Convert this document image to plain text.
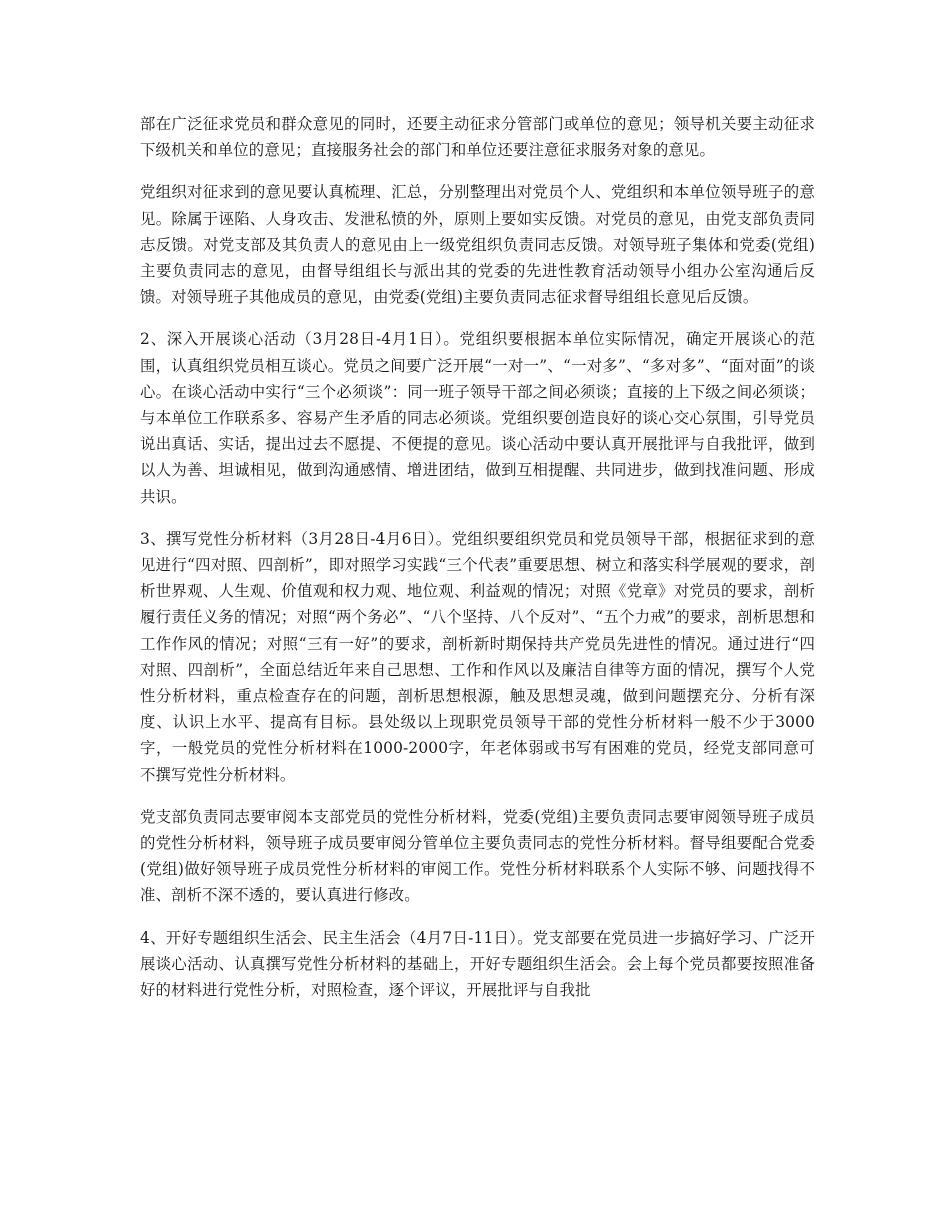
部在广泛征求党员和群众意见的同时，还要主动征求分管部门或单位的意见；领导机关要主动征求下级机关和单位的意见；直接服务社会的部门和单位还要注意征求服务对象的意见。

党组织对征求到的意见要认真梳理、汇总，分别整理出对党员个人、党组织和本单位领导班子的意见。除属于诬陷、人身攻击、发泄私愤的外，原则上要如实反馈。对党员的意见，由党支部负责同志反馈。对党支部及其负责人的意见由上一级党组织负责同志反馈。对领导班子集体和党委(党组)主要负责同志的意见，由督导组组长与派出其的党委的先进性教育活动领导小组办公室沟通后反馈。对领导班子其他成员的意见，由党委(党组)主要负责同志征求督导组组长意见后反馈。

2、深入开展谈心活动（3月28日-4月1日）。党组织要根据本单位实际情况，确定开展谈心的范围，认真组织党员相互谈心。党员之间要广泛开展“一对一”、“一对多”、“多对多”、“面对面”的谈心。在谈心活动中实行“三个必须谈”：同一班子领导干部之间必须谈；直接的上下级之间必须谈；与本单位工作联系多、容易产生矛盾的同志必须谈。党组织要创造良好的谈心交心氛围，引导党员说出真话、实话，提出过去不愿提、不便提的意见。谈心活动中要认真开展批评与自我批评，做到以人为善、坦诚相见，做到沟通感情、增进团结，做到互相提醒、共同进步，做到找准问题、形成共识。

3、撰写党性分析材料（3月28日-4月6日）。党组织要组织党员和党员领导干部，根据征求到的意见进行“四对照、四剖析”，即对照学习实践“三个代表”重要思想、树立和落实科学展观的要求，剖析世界观、人生观、价值观和权力观、地位观、利益观的情况；对照《党章》对党员的要求，剖析履行责任义务的情况；对照“两个务必”、“八个坚持、八个反对”、“五个力戒”的要求，剖析思想和工作作风的情况；对照“三有一好”的要求，剖析新时期保持共产党员先进性的情况。通过进行“四对照、四剖析”，全面总结近年来自己思想、工作和作风以及廉洁自律等方面的情况，撰写个人党性分析材料，重点检查存在的问题，剖析思想根源，触及思想灵魂，做到问题摆充分、分析有深度、认识上水平、提高有目标。县处级以上现职党员领导干部的党性分析材料一般不少于3000字，一般党员的党性分析材料在1000-2000字，年老体弱或书写有困难的党员，经党支部同意可不撰写党性分析材料。

党支部负责同志要审阅本支部党员的党性分析材料，党委(党组)主要负责同志要审阅领导班子成员的党性分析材料，领导班子成员要审阅分管单位主要负责同志的党性分析材料。督导组要配合党委(党组)做好领导班子成员党性分析材料的审阅工作。党性分析材料联系个人实际不够、问题找得不准、剖析不深不透的，要认真进行修改。

4、开好专题组织生活会、民主生活会（4月7日-11日）。党支部要在党员进一步搞好学习、广泛开展谈心活动、认真撰写党性分析材料的基础上，开好专题组织生活会。会上每个党员都要按照准备好的材料进行党性分析，对照检查，逐个评议，开展批评与自我批
